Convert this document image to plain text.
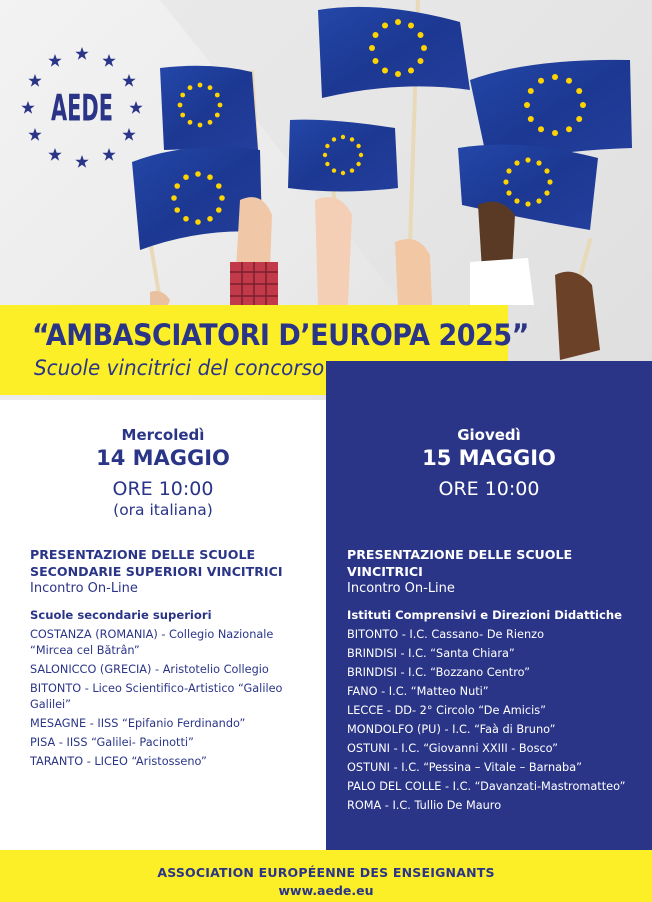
AEDE
“AMBASCIATORI D’EUROPA 2025”
Scuole vincitrici del concorso
Mercoledì
14 MAGGIO
ORE 10:00
(ora italiana)
PRESENTAZIONE DELLE SCUOLE
SECONDARIE SUPERIORI VINCITRICI
Incontro On-Line
Scuole secondarie superiori
COSTANZA (ROMANIA) - Collegio Nazionale
“Mircea cel Bătrân”
SALONICCO (GRECIA) - Aristotelio Collegio
BITONTO - Liceo Scientifico-Artistico “Galileo
Galilei”
MESAGNE - IISS “Epifanio Ferdinando”
PISA - IISS “Galilei- Pacinotti”
TARANTO - LICEO “Aristosseno”
Giovedì
15 MAGGIO
ORE 10:00
PRESENTAZIONE DELLE SCUOLE
VINCITRICI
Incontro On-Line
Istituti Comprensivi e Direzioni Didattiche
BITONTO - I.C. Cassano- De Rienzo
BRINDISI - I.C. “Santa Chiara”
BRINDISI - I.C. “Bozzano Centro”
FANO - I.C. “Matteo Nuti”
LECCE - DD- 2° Circolo “De Amicis”
MONDOLFO (PU) - I.C. “Faà di Bruno”
OSTUNI - I.C. “Giovanni XXIII - Bosco”
OSTUNI - I.C. “Pessina – Vitale – Barnaba”
PALO DEL COLLE - I.C. “Davanzati-Mastromatteo”
ROMA - I.C. Tullio De Mauro
ASSOCIATION EUROPÉENNE DES ENSEIGNANTS
www.aede.eu
